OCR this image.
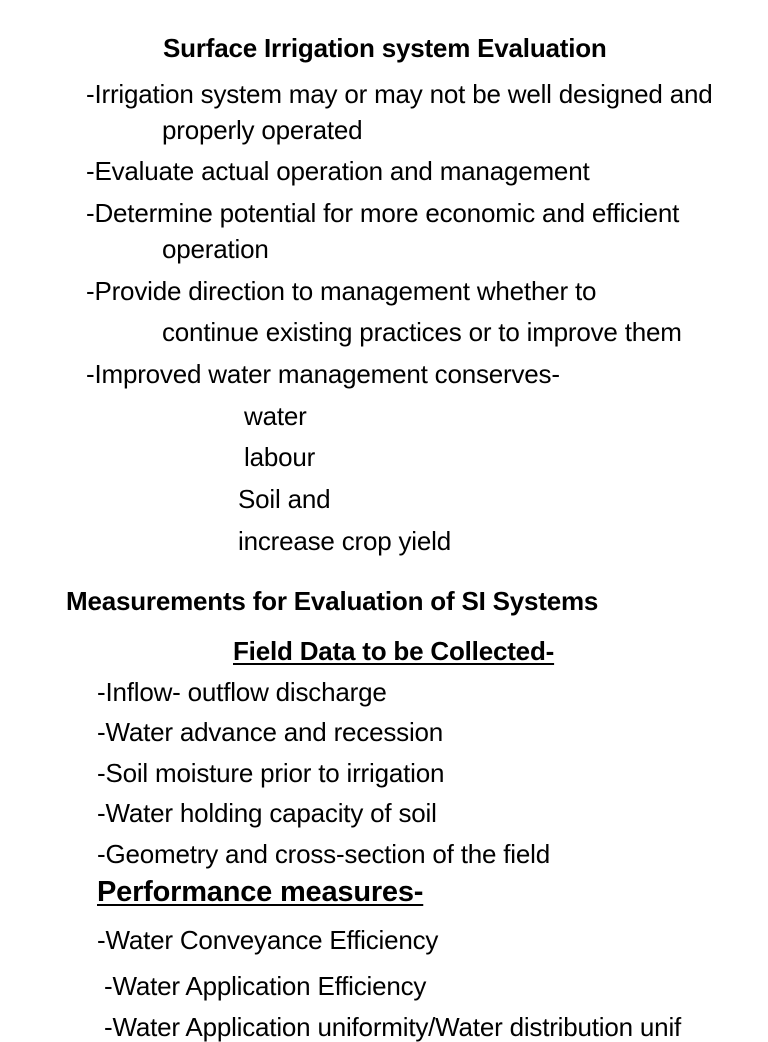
Surface Irrigation system Evaluation
-Irrigation system may or may not be well designed and
properly operated
-Evaluate actual operation and management
-Determine potential for more economic and efficient
operation
-Provide direction to management whether to
continue existing practices or to improve them
-Improved water management conserves-
water
labour
Soil and
increase crop yield
Measurements for Evaluation of SI Systems
Field Data to be Collected-
-Inflow- outflow discharge
-Water advance and recession
-Soil moisture prior to irrigation
-Water holding capacity of soil
-Geometry and cross-section of the field
Performance measures-
-Water Conveyance Efficiency
-Water Application Efficiency
-Water Application uniformity/Water distribution unif
